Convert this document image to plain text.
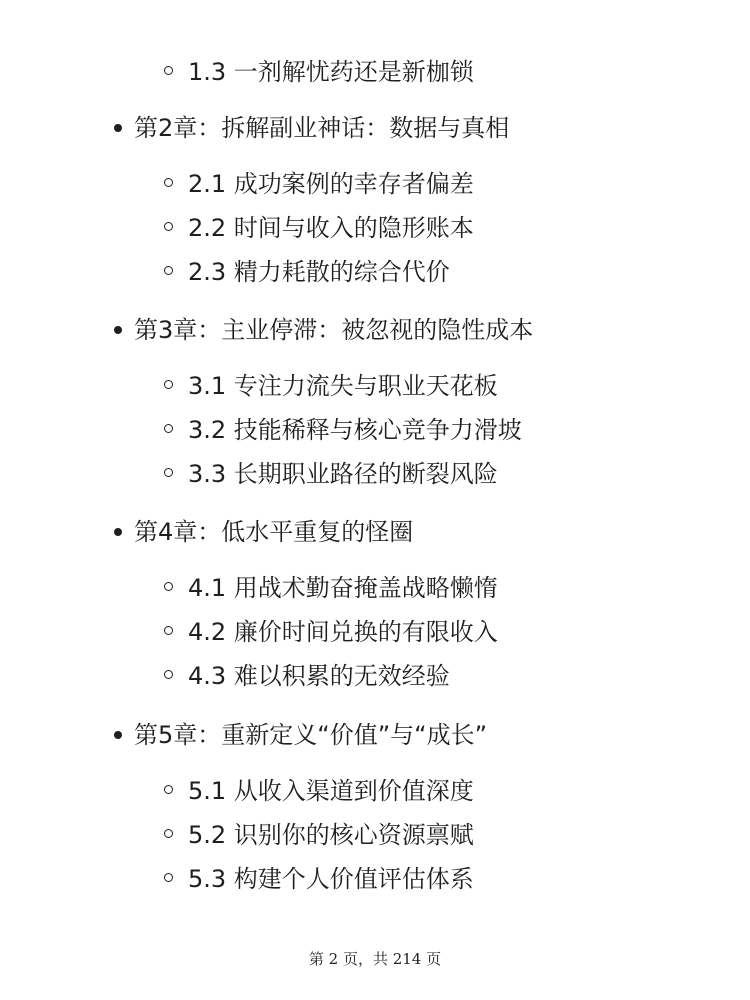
1.3 一剂解忧药还是新枷锁
第2章：拆解副业神话：数据与真相
2.1 成功案例的幸存者偏差
2.2 时间与收入的隐形账本
2.3 精力耗散的综合代价
第3章：主业停滞：被忽视的隐性成本
3.1 专注力流失与职业天花板
3.2 技能稀释与核心竞争力滑坡
3.3 长期职业路径的断裂风险
第4章：低水平重复的怪圈
4.1 用战术勤奋掩盖战略懒惰
4.2 廉价时间兑换的有限收入
4.3 难以积累的无效经验
第5章：重新定义“价值”与“成长”
5.1 从收入渠道到价值深度
5.2 识别你的核心资源禀赋
5.3 构建个人价值评估体系
第 2 页，共 214 页
